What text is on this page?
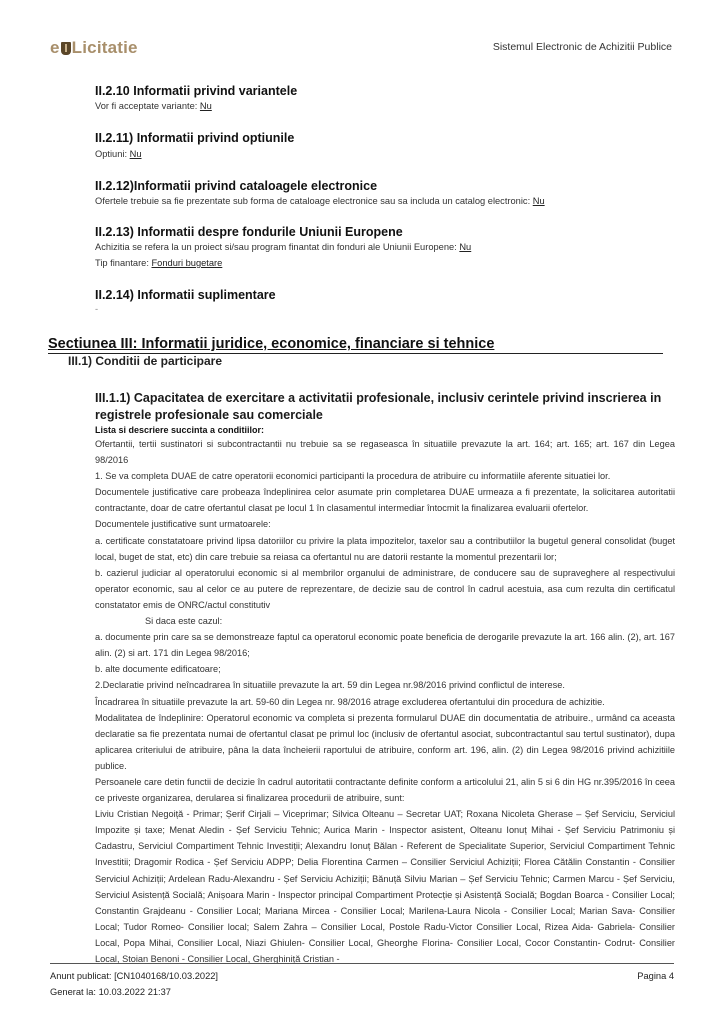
e Licitatie	Sistemul Electronic de Achizitii Publice
II.2.10 Informatii privind variantele
Vor fi acceptate variante: Nu
II.2.11) Informatii privind optiunile
Optiuni: Nu
II.2.12)Informatii privind cataloagele electronice
Ofertele trebuie sa fie prezentate sub forma de cataloage electronice sau sa includa un catalog electronic: Nu
II.2.13) Informatii despre fondurile Uniunii Europene
Achizitia se refera la un proiect si/sau program finantat din fonduri ale Uniunii Europene: Nu
Tip finantare: Fonduri bugetare
II.2.14) Informatii suplimentare
-
Sectiunea III: Informatii juridice, economice, financiare si tehnice
III.1) Conditii de participare
III.1.1) Capacitatea de exercitare a activitatii profesionale, inclusiv cerintele privind inscrierea in registrele profesionale sau comerciale
Lista si descriere succinta a conditiilor:

Ofertantii, tertii sustinatori si subcontractantii nu trebuie sa se regaseasca în situatiile prevazute la art. 164; art. 165; art. 167 din Legea 98/2016

1. Se va completa DUAE de catre operatorii economici participanti la procedura de atribuire cu informatiile aferente situatiei lor.

Documentele justificative care probeaza îndeplinirea celor asumate prin completarea DUAE urmeaza a fi prezentate, la solicitarea autoritatii contractante, doar de catre ofertantul clasat pe locul 1 în clasamentul intermediar întocmit la finalizarea evaluarii ofertelor.

Documentele justificative sunt urmatoarele:

a. certificate constatatoare privind lipsa datoriilor cu privire la plata impozitelor, taxelor sau a contributiilor la bugetul general consolidat (buget local, buget de stat, etc) din care trebuie sa reiasa ca ofertantul nu are datorii restante la momentul prezentarii lor;

b. cazierul judiciar al operatorului economic si al membrilor organului de administrare, de conducere sau de supraveghere al respectivului operator economic, sau al celor ce au putere de reprezentare, de decizie sau de control în cadrul acestuia, asa cum rezulta din certificatul constatator emis de ONRC/actul constitutiv

Si daca este cazul:

a. documente prin care sa se demonstreaze faptul ca operatorul economic poate beneficia de derogarile prevazute la art. 166 alin. (2), art. 167 alin. (2) si art. 171 din Legea 98/2016;

b. alte documente edificatoare;

2.Declaratie privind neîncadrarea în situatiile prevazute la art. 59 din Legea nr.98/2016 privind conflictul de interese.

Încadrarea în situatiile prevazute la art. 59-60 din Legea nr. 98/2016 atrage excluderea ofertantului din procedura de achizitie.

Modalitatea de îndeplinire: Operatorul economic va completa si prezenta formularul DUAE din documentatia de atribuire., urmând ca aceasta declaratie sa fie prezentata numai de ofertantul clasat pe primul loc (inclusiv de ofertantul asociat, subcontractantul sau tertul sustinator), dupa aplicarea criteriului de atribuire, pâna la data încheierii raportului de atribuire, conform art. 196, alin. (2) din Legea 98/2016 privind achizitiile publice.

Persoanele care detin functii de decizie în cadrul autoritatii contractante definite conform a articolului 21, alin 5 si 6 din HG nr.395/2016 în ceea ce priveste organizarea, derularea si finalizarea procedurii de atribuire, sunt:

Liviu Cristian Negoiță - Primar; Șerif Cirjali – Viceprimar; Silvica Olteanu – Secretar UAT; Roxana Nicoleta Gherase – Șef Serviciu, Serviciul Impozite și taxe; Menat Aledin - Șef Serviciu Tehnic; Aurica Marin - Inspector asistent, Olteanu Ionuț Mihai - Șef Serviciu Patrimoniu și Cadastru, Serviciul Compartiment Tehnic Investiții; Alexandru Ionuț Bălan - Referent de Specialitate Superior, Serviciul Compartiment Tehnic Investitii; Dragomir Rodica - Șef Serviciu ADPP; Delia Florentina Carmen – Consilier Serviciul Achiziții; Florea Cătălin Constantin - Consilier Serviciul Achiziții; Ardelean Radu-Alexandru - Șef Serviciu Achiziții; Bănuță Silviu Marian – Șef Serviciu Tehnic; Carmen Marcu - Șef Serviciu, Serviciul Asistență Socială; Anișoara Marin - Inspector principal Compartiment Protecție și Asistență Socială; Bogdan Boarca - Consilier Local; Constantin Grajdeanu - Consilier Local; Mariana Mircea - Consilier Local; Marilena-Laura Nicola - Consilier Local; Marian Sava- Consilier Local; Tudor Romeo- Consilier local; Salem Zahra – Consilier Local, Postole Radu-Victor Consilier Local, Rizea Aida- Gabriela- Consilier Local, Popa Mihai, Consilier Local, Niazi Ghiulen- Consilier Local, Gheorghe Florina- Consilier Local, Cocor Constantin- Codrut- Consilier Local, Stoian Benoni - Consilier Local, Gherghiniță Cristian -

Anunt publicat: [CN1040168/10.03.2022]	Pagina 4
Generat la: 10.03.2022 21:37
